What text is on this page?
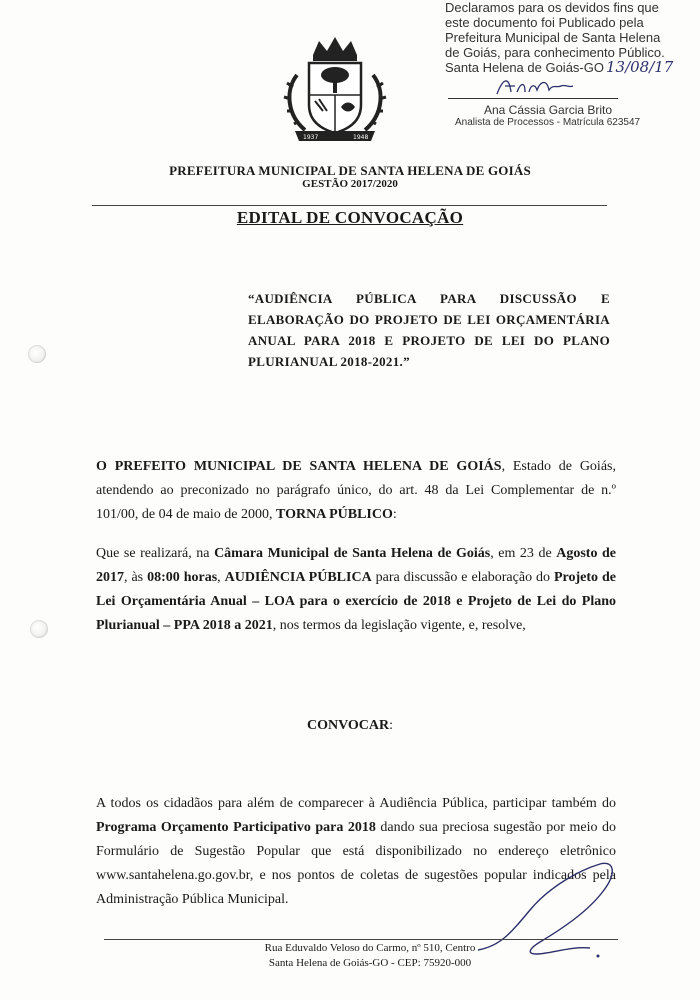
Declaramos para os devidos fins que
este documento foi Publicado pela
Prefeitura Municipal de Santa Helena
de Goiás, para conhecimento Público.
Santa Helena de Goiás-GO 13/08/17
Ana Cássia Garcia Brito
Analista de Processos - Matrícula 623547
1937	1948
PREFEITURA MUNICIPAL DE SANTA HELENA DE GOIÁS
GESTÃO 2017/2020
EDITAL DE CONVOCAÇÃO
“AUDIÊNCIA PÚBLICA PARA DISCUSSÃO E ELABORAÇÃO DO PROJETO DE LEI ORÇAMENTÁRIA ANUAL PARA 2018 E PROJETO DE LEI DO PLANO PLURIANUAL 2018-2021.”
O PREFEITO MUNICIPAL DE SANTA HELENA DE GOIÁS, Estado de Goiás, atendendo ao preconizado no parágrafo único, do art. 48 da Lei Complementar de n.º 101/00, de 04 de maio de 2000, TORNA PÚBLICO:
Que se realizará, na Câmara Municipal de Santa Helena de Goiás, em 23 de Agosto de 2017, às 08:00 horas, AUDIÊNCIA PÚBLICA para discussão e elaboração do Projeto de Lei Orçamentária Anual – LOA para o exercício de 2018 e Projeto de Lei do Plano Plurianual – PPA 2018 a 2021, nos termos da legislação vigente, e, resolve,
CONVOCAR:
A todos os cidadãos para além de comparecer à Audiência Pública, participar também do Programa Orçamento Participativo para 2018 dando sua preciosa sugestão por meio do Formulário de Sugestão Popular que está disponibilizado no endereço eletrônico www.santahelena.go.gov.br, e nos pontos de coletas de sugestões popular indicados pela Administração Pública Municipal.
Rua Eduvaldo Veloso do Carmo, nº 510, Centro
Santa Helena de Goiás-GO - CEP: 75920-000
